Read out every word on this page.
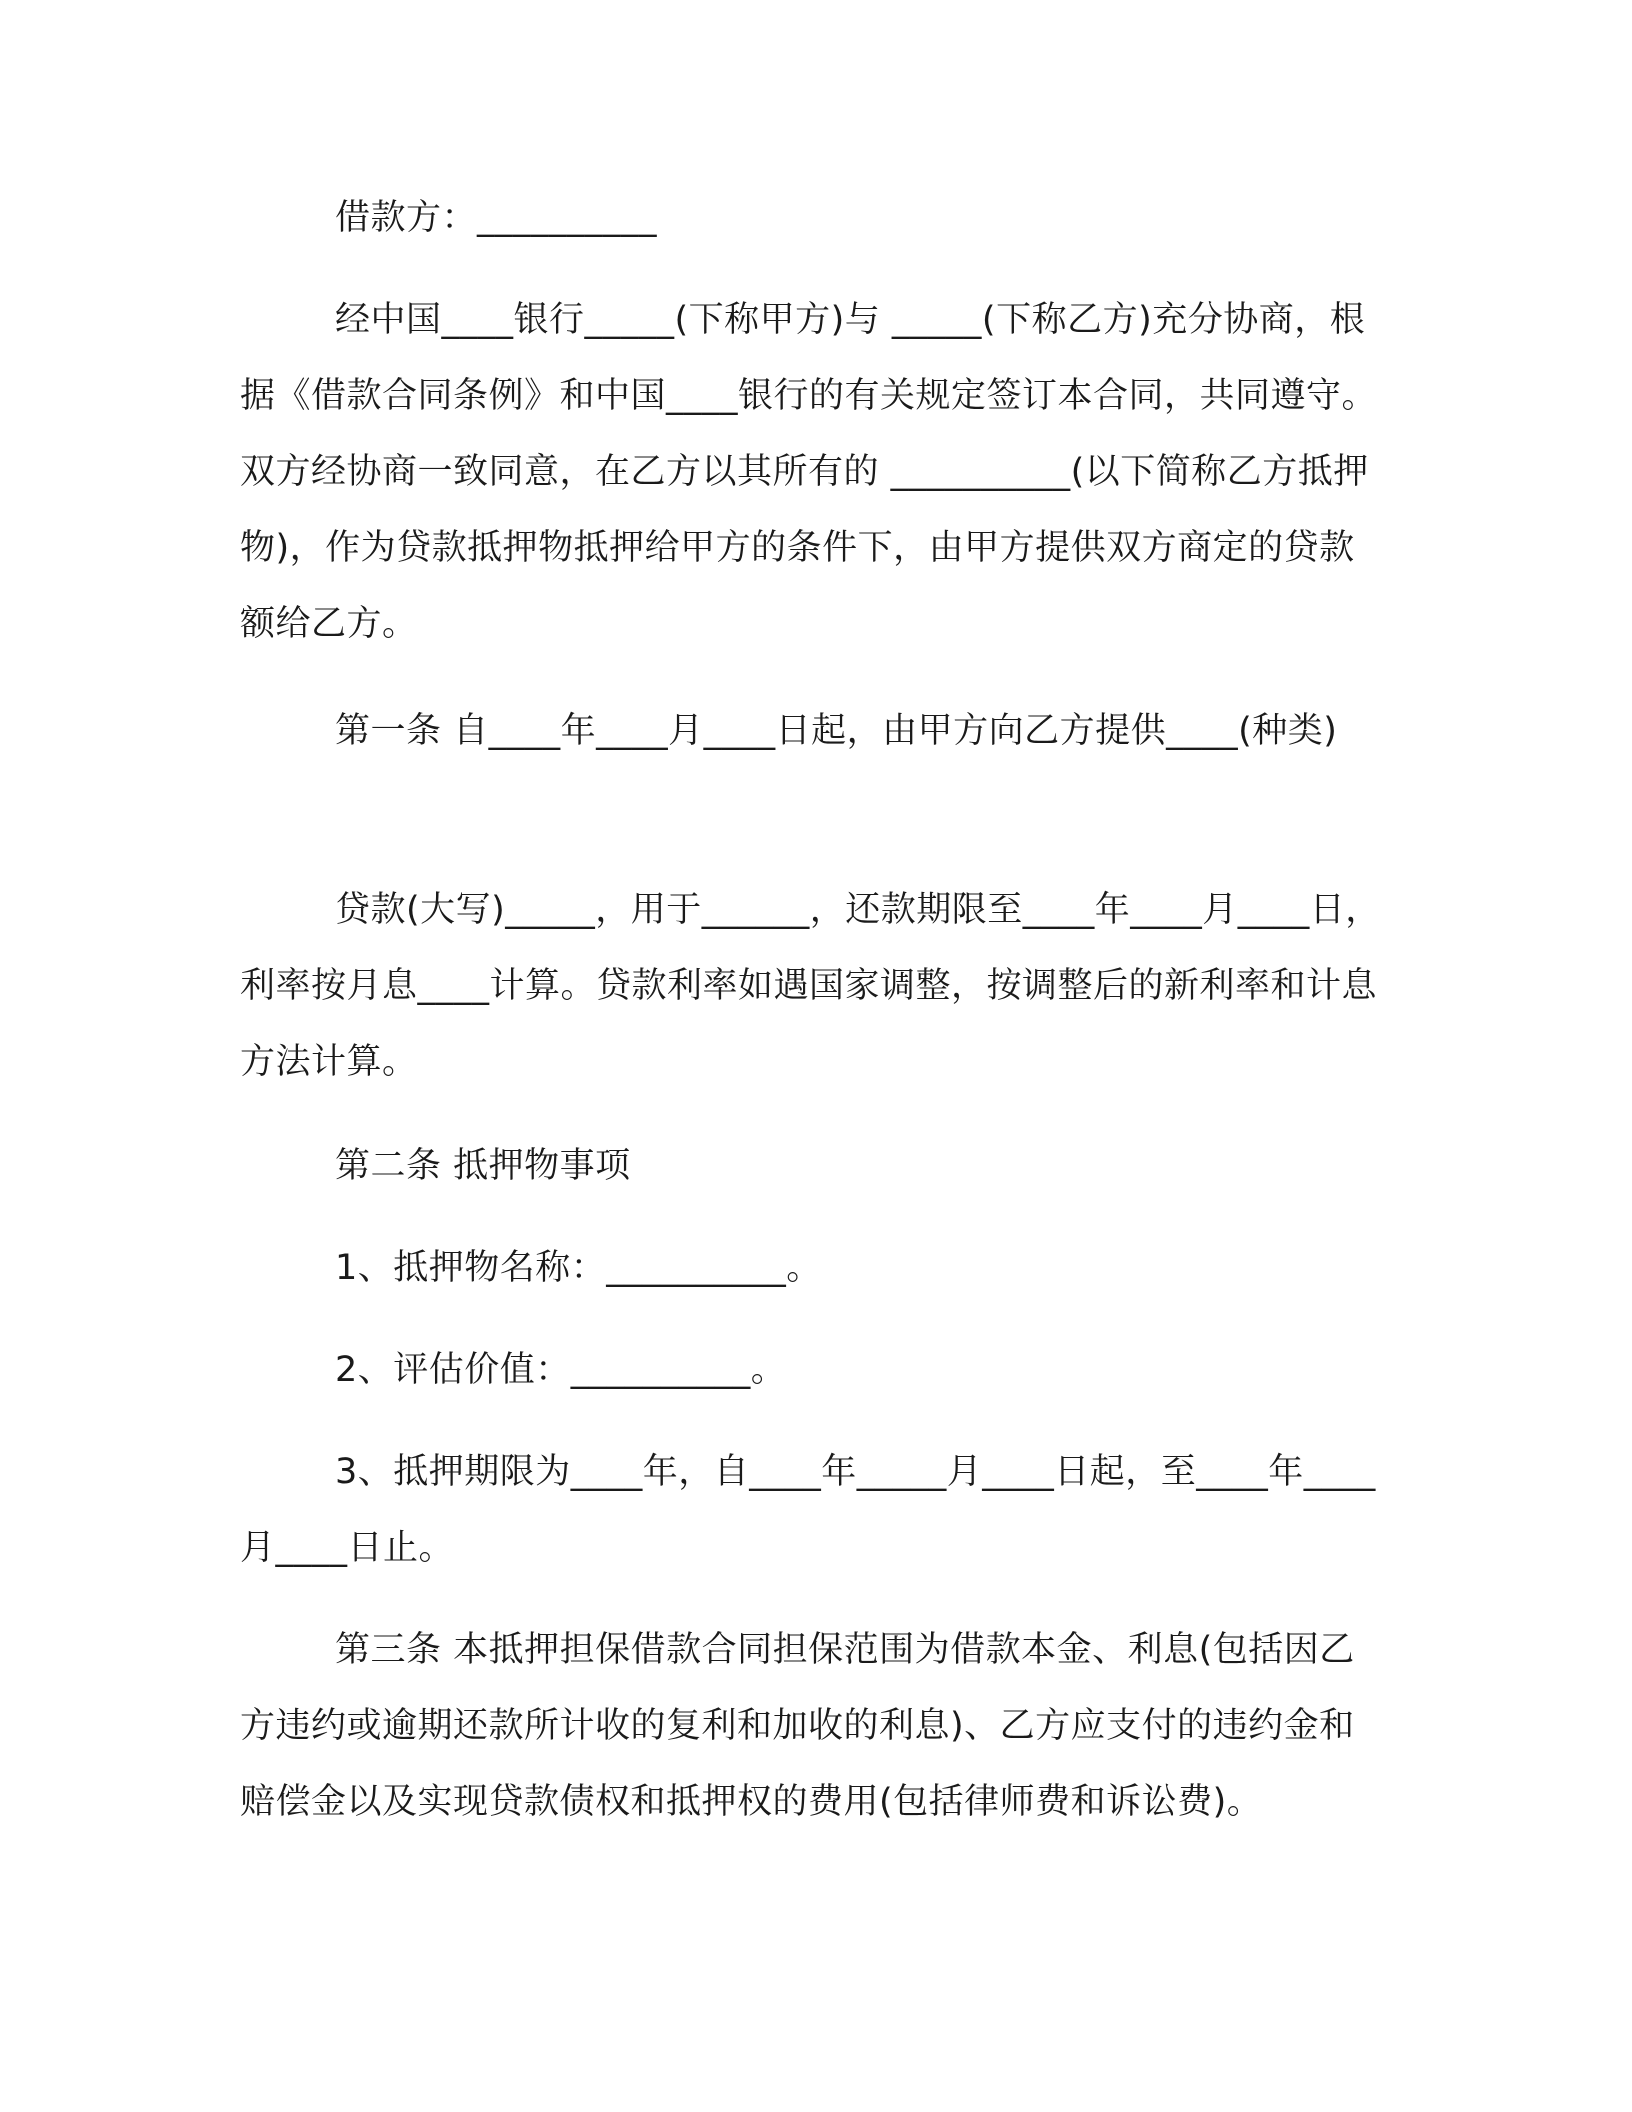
借款方：__________

经中国____银行_____(下称甲方)与 _____(下称乙方)充分协商，根据《借款合同条例》和中国____银行的有关规定签订本合同，共同遵守。双方经协商一致同意，在乙方以其所有的 __________(以下简称乙方抵押物)，作为贷款抵押物抵押给甲方的条件下，由甲方提供双方商定的贷款额给乙方。

第一条 自____年____月____日起，由甲方向乙方提供____(种类)

贷款(大写)_____，用于______，还款期限至____年____月____日，利率按月息____计算。贷款利率如遇国家调整，按调整后的新利率和计息方法计算。

第二条 抵押物事项

1、抵押物名称：__________。

2、评估价值：__________。

3、抵押期限为____年，自____年_____月____日起，至____年____月____日止。

第三条 本抵押担保借款合同担保范围为借款本金、利息(包括因乙方违约或逾期还款所计收的复利和加收的利息)、乙方应支付的违约金和赔偿金以及实现贷款债权和抵押权的费用(包括律师费和诉讼费)。
